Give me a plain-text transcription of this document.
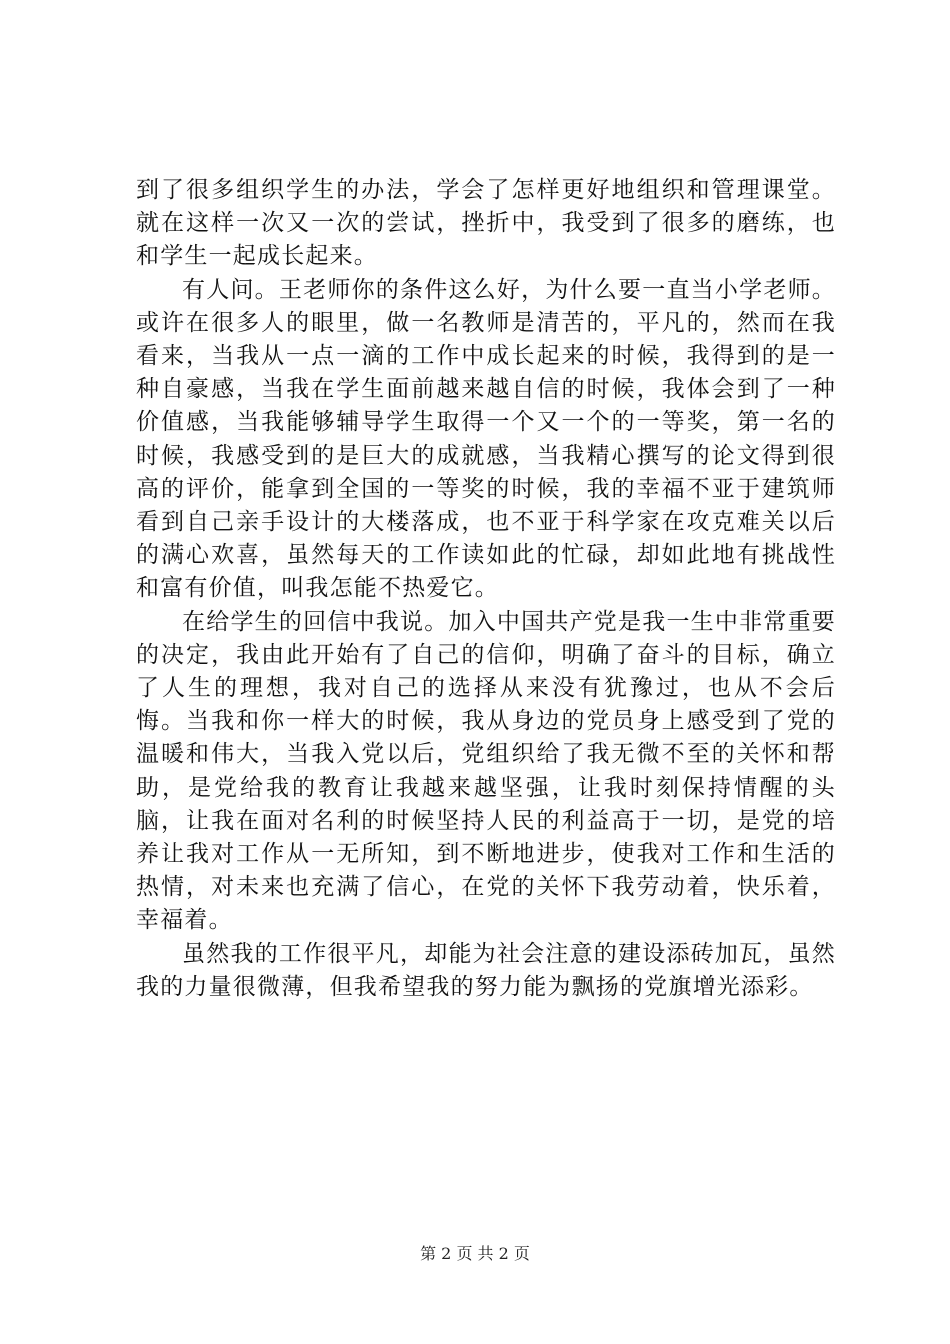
到了很多组织学生的办法，学会了怎样更好地组织和管理课堂。就在这样一次又一次的尝试，挫折中，我受到了很多的磨练，也和学生一起成长起来。

有人问。王老师你的条件这么好，为什么要一直当小学老师。或许在很多人的眼里，做一名教师是清苦的，平凡的，然而在我看来，当我从一点一滴的工作中成长起来的时候，我得到的是一种自豪感，当我在学生面前越来越自信的时候，我体会到了一种价值感，当我能够辅导学生取得一个又一个的一等奖，第一名的时候，我感受到的是巨大的成就感，当我精心撰写的论文得到很高的评价，能拿到全国的一等奖的时候，我的幸福不亚于建筑师看到自己亲手设计的大楼落成，也不亚于科学家在攻克难关以后的满心欢喜，虽然每天的工作读如此的忙碌，却如此地有挑战性和富有价值，叫我怎能不热爱它。

在给学生的回信中我说。加入中国共产党是我一生中非常重要的决定，我由此开始有了自己的信仰，明确了奋斗的目标，确立了人生的理想，我对自己的选择从来没有犹豫过，也从不会后悔。当我和你一样大的时候，我从身边的党员身上感受到了党的温暖和伟大，当我入党以后，党组织给了我无微不至的关怀和帮助，是党给我的教育让我越来越坚强，让我时刻保持情醒的头脑，让我在面对名利的时候坚持人民的利益高于一切，是党的培养让我对工作从一无所知，到不断地进步，使我对工作和生活的热情，对未来也充满了信心，在党的关怀下我劳动着，快乐着，幸福着。

虽然我的工作很平凡，却能为社会注意的建设添砖加瓦，虽然我的力量很微薄，但我希望我的努力能为飘扬的党旗增光添彩。

第 2 页 共 2 页
